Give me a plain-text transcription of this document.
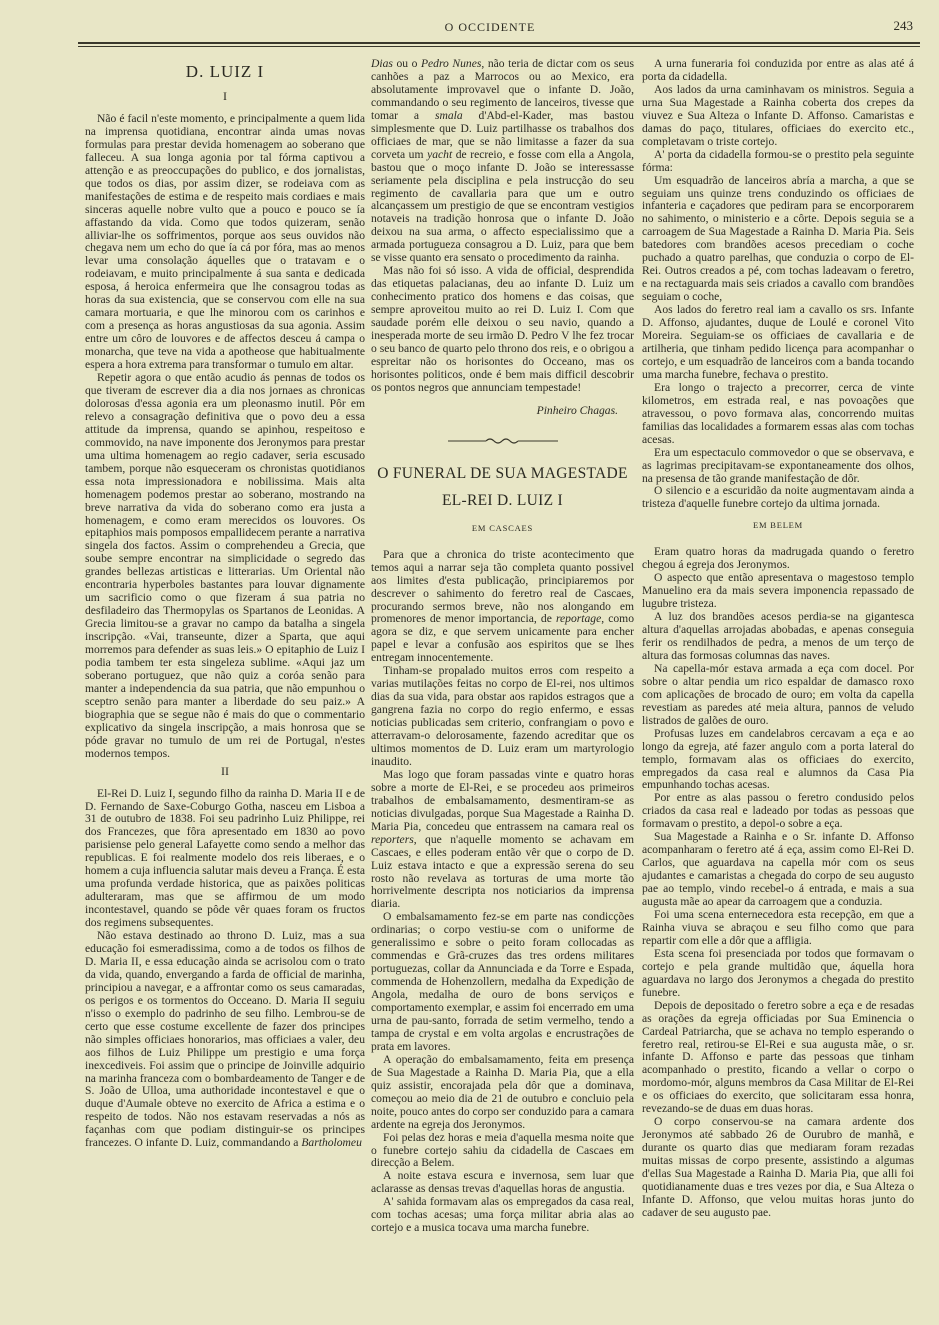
O OCCIDENTE	243
D. LUIZ I
I

Não é facil n'este momento, e principalmente a quem lida na imprensa quotidiana, encontrar ainda umas novas formulas para prestar devida homenagem ao soberano que falleceu. A sua longa agonia por tal fórma captivou a attenção e as preoccupações do publico, e dos jornalistas, que todos os dias, por assim dizer, se rodeiava com as manifestações de estima e de respeito mais cordiaes e mais sinceras aquelle nobre vulto que a pouco e pouco se ía affastando da vida. Como que todos quizeram, senão alliviar-lhe os soffrimentos, porque aos seus ouvidos não chegava nem um echo do que ía cá por fóra, mas ao menos levar uma consolação áquelles que o tratavam e o rodeiavam, e muito principalmente á sua santa e dedicada esposa, á heroica enfermeira que lhe consagrou todas as horas da sua existencia, que se conservou com elle na sua camara mortuaria, e que lhe minorou com os carinhos e com a presença as horas angustiosas da sua agonia. Assim entre um côro de louvores e de affectos desceu á campa o monarcha, que teve na vida a apotheose que habitualmente espera a hora extrema para transformar o tumulo em altar.

Repetir agora o que então acudio ás pennas de todos os que tiveram de escrever dia a dia nos jornaes as chronicas dolorosas d'essa agonia era um pleonasmo inutil. Pôr em relevo a consagração definitiva que o povo deu a essa attitude da imprensa, quando se apinhou, respeitoso e commovido, na nave imponente dos Jeronymos para prestar uma ultima homenagem ao regio cadaver, seria escusado tambem, porque não esqueceram os chronistas quotidianos essa nota impressionadora e nobilissima. Mais alta homenagem podemos prestar ao soberano, mostrando na breve narrativa da vida do soberano como era justa a homenagem, e como eram merecidos os louvores. Os epitaphios mais pomposos empallidecem perante a narrativa singela dos factos. Assim o comprehendeu a Grecia, que soube sempre encontrar na simplicidade o segredo das grandes bellezas artisticas e litterarias. Um Oriental não encontraria hyperboles bastantes para louvar dignamente um sacrificio como o que fizeram á sua patria no desfiladeiro das Thermopylas os Spartanos de Leonidas. A Grecia limitou-se a gravar no campo da batalha a singela inscripção. «Vai, transeunte, dizer a Sparta, que aqui morremos para defender as suas leis.» O epitaphio de Luiz I podia tambem ter esta singeleza sublime. «Aqui jaz um soberano portuguez, que não quiz a coróa senão para manter a independencia da sua patria, que não empunhou o sceptro senão para manter a liberdade do seu paiz.» A biographia que se segue não é mais do que o commentario explicativo da singela inscripção, a mais honrosa que se póde gravar no tumulo de um rei de Portugal, n'estes modernos tempos.

II

El-Rei D. Luiz I, segundo filho da rainha D. Maria II e de D. Fernando de Saxe-Coburgo Gotha, nasceu em Lisboa a 31 de outubro de 1838. Foi seu padrinho Luiz Philippe, rei dos Francezes, que fôra apresentado em 1830 ao povo parisiense pelo general Lafayette como sendo a melhor das republicas. E foi realmente modelo dos reis liberaes, e o homem a cuja influencia salutar mais deveu a França. É esta uma profunda verdade historica, que as paixões politicas adulteraram, mas que se affirmou de um modo incontestavel, quando se pôde vêr quaes foram os fructos dos regimens subsequentes.

Não estava destinado ao throno D. Luiz, mas a sua educação foi esmeradissima, como a de todos os filhos de D. Maria II, e essa educação ainda se acrisolou com o trato da vida, quando, envergando a farda de official de marinha, principiou a navegar, e a affrontar como os seus camaradas, os perigos e os tormentos do Occeano. D. Maria II seguiu n'isso o exemplo do padrinho de seu filho. Lembrou-se de certo que esse costume excellente de fazer dos principes não simples officiaes honorarios, mas officiaes a valer, deu aos filhos de Luiz Philippe um prestigio e uma força inexcediveis. Foi assim que o principe de Joinville adquirio na marinha franceza com o bombardeamento de Tanger e de S. João de Ulloa, uma authoridade incontestavel e que o duque d'Aumale obteve no exercito de Africa a estima e o respeito de todos. Não nos estavam reservadas a nós as façanhas com que podiam distinguir-se os principes francezes. O infante D. Luiz, commandando a Bartholomeu

Dias ou o Pedro Nunes, não teria de dictar com os seus canhões a paz a Marrocos ou ao Mexico, era absolutamente improvavel que o infante D. João, commandando o seu regimento de lanceiros, tivesse que tomar a smala d'Abd-el-Kader, mas bastou simplesmente que D. Luiz partilhasse os trabalhos dos officiaes de mar, que se não limitasse a fazer da sua corveta um yacht de recreio, e fosse com ella a Angola, bastou que o moço infante D. João se interessasse seriamente pela disciplina e pela instrucção do seu regimento de cavallaria para que um e outro alcançassem um prestigio de que se encontram vestigios notaveis na tradição honrosa que o infante D. João deixou na sua arma, o affecto especialissimo que a armada portugueza consagrou a D. Luiz, para que bem se visse quanto era sensato o procedimento da rainha.

Mas não foi só isso. A vida de official, desprendida das etiquetas palacianas, deu ao infante D. Luiz um conhecimento pratico dos homens e das coisas, que sempre aproveitou muito ao rei D. Luiz I. Com que saudade porém elle deixou o seu navio, quando a inesperada morte de seu irmão D. Pedro V lhe fez trocar o seu banco de quarto pelo throno dos reis, e o obrigou a espreitar não os horisontes do Occeano, mas os horisontes politicos, onde é bem mais difficil descobrir os pontos negros que annunciam tempestade!

Pinheiro Chagas.
O FUNERAL DE SUA MAGESTADE
EL-REI D. LUIZ I
EM CASCAES

Para que a chronica do triste acontecimento que temos aqui a narrar seja tão completa quanto possivel aos limites d'esta publicação, principiaremos por descrever o sahimento do feretro real de Cascaes, procurando sermos breve, não nos alongando em promenores de menor importancia, de reportage, como agora se diz, e que servem unicamente para encher papel e levar a confusão aos espiritos que se lhes entregam innocentemente.

Tinham-se propalado muitos erros com respeito a varias mutilações feitas no corpo de El-rei, nos ultimos dias da sua vida, para obstar aos rapidos estragos que a gangrena fazia no corpo do regio enfermo, e essas noticias publicadas sem criterio, confrangiam o povo e atterravam-o delorosamente, fazendo acreditar que os ultimos momentos de D. Luiz eram um martyrologio inaudito.

Mas logo que foram passadas vinte e quatro horas sobre a morte de El-Rei, e se procedeu aos primeiros trabalhos de embalsamamento, desmentiram-se as noticias divulgadas, porque Sua Magestade a Rainha D. Maria Pia, concedeu que entrassem na camara real os reporters, que n'aquelle momento se achavam em Cascaes, e elles poderam então vêr que o corpo de D. Luiz estava intacto e que a expressão serena do seu rosto não revelava as torturas de uma morte tão horrivelmente descripta nos noticiarios da imprensa diaria.

O embalsamamento fez-se em parte nas condicções ordinarias; o corpo vestiu-se com o uniforme de generalissimo e sobre o peito foram collocadas as commendas e Grã-cruzes das tres ordens militares portuguezas, collar da Annunciada e da Torre e Espada, commenda de Hohenzollern, medalha da Expedição de Angola, medalha de ouro de bons serviços e comportamento exemplar, e assim foi encerrado em uma urna de pau-santo, forrada de setim vermelho, tendo a tampa de crystal e em volta argolas e encrustrações de prata em lavores.

A operação do embalsamamento, feita em presença de Sua Magestade a Rainha D. Maria Pia, que a ella quiz assistir, encorajada pela dôr que a dominava, começou ao meio dia de 21 de outubro e concluio pela noite, pouco antes do corpo ser conduzido para a camara ardente na egreja dos Jeronymos.

Foi pelas dez horas e meia d'aquella mesma noite que o funebre cortejo sahiu da cidadella de Cascaes em direcção a Belem.

A noite estava escura e invernosa, sem luar que aclarasse as densas trevas d'aquellas horas de angustia.

A' sahida formavam alas os empregados da casa real, com tochas acesas; uma força militar abria alas ao cortejo e a musica tocava uma marcha funebre.

A urna funeraria foi conduzida por entre as alas até á porta da cidadella.

Aos lados da urna caminhavam os ministros. Seguia a urna Sua Magestade a Rainha coberta dos crepes da viuvez e Sua Alteza o Infante D. Affonso. Camaristas e damas do paço, titulares, officiaes do exercito etc., completavam o triste cortejo.

A' porta da cidadella formou-se o prestito pela seguinte fórma:

Um esquadrão de lanceiros abría a marcha, a que se seguiam uns quinze trens conduzindo os officiaes de infanteria e caçadores que pediram para se encorporarem no sahimento, o ministerio e a côrte. Depois seguia se a carroagem de Sua Magestade a Rainha D. Maria Pia. Seis batedores com brandões acesos precediam o coche puchado a quatro parelhas, que conduzia o corpo de El-Rei. Outros creados a pé, com tochas ladeavam o feretro, e na rectaguarda mais seis criados a cavallo com brandões seguiam o coche,

Aos lados do feretro real iam a cavallo os srs. Infante D. Affonso, ajudantes, duque de Loulé e coronel Vito Moreira. Seguiam-se os officiaes de cavallaria e de artilheria, que tinham pedido licença para acompanhar o cortejo, e um esquadrão de lanceiros com a banda tocando uma marcha funebre, fechava o prestito.

Era longo o trajecto a precorrer, cerca de vinte kilometros, em estrada real, e nas povoações que atravessou, o povo formava alas, concorrendo muitas familias das localidades a formarem essas alas com tochas acesas.

Era um espectaculo commovedor o que se observava, e as lagrimas precipitavam-se expontaneamente dos olhos, na presensa de tão grande manifestação de dôr.

O silencio e a escuridão da noite augmentavam ainda a tristeza d'aquelle funebre cortejo da ultima jornada.

EM BELEM

Eram quatro horas da madrugada quando o feretro chegou á egreja dos Jeronymos.

O aspecto que então apresentava o magestoso templo Manuelino era da mais severa imponencia repassado de lugubre tristeza.

A luz dos brandões acesos perdia-se na gigantesca altura d'aquellas arrojadas abobadas, e apenas conseguia ferir os rendilhados de pedra, a menos de um terço de altura das formosas columnas das naves.

Na capella-mór estava armada a eça com docel. Por sobre o altar pendia um rico espaldar de damasco roxo com aplicações de brocado de ouro; em volta da capella revestiam as paredes até meia altura, pannos de veludo listrados de galões de ouro.

Profusas luzes em candelabros cercavam a eça e ao longo da egreja, até fazer angulo com a porta lateral do templo, formavam alas os officiaes do exercito, empregados da casa real e alumnos da Casa Pia empunhando tochas acesas.

Por entre as alas passou o feretro condusido pelos criados da casa real e ladeado por todas as pessoas que formavam o prestito, a depol-o sobre a eça.

Sua Magestade a Rainha e o Sr. infante D. Affonso acompanharam o feretro até á eça, assim como El-Rei D. Carlos, que aguardava na capella mór com os seus ajudantes e camaristas a chegada do corpo de seu augusto pae ao templo, vindo recebel-o á entrada, e mais a sua augusta mãe ao apear da carroagem que a conduzia.

Foi uma scena enternecedora esta recepção, em que a Rainha viuva se abraçou e seu filho como que para repartir com elle a dôr que a affligia.

Esta scena foi presenciada por todos que formavam o cortejo e pela grande multidão que, áquella hora aguardava no largo dos Jeronymos a chegada do prestito funebre.

Depois de depositado o feretro sobre a eça e de resadas as orações da egreja officiadas por Sua Eminencia o Cardeal Patriarcha, que se achava no templo esperando o feretro real, retirou-se El-Rei e sua augusta mãe, o sr. infante D. Affonso e parte das pessoas que tinham acompanhado o prestito, ficando a vellar o corpo o mordomo-mór, alguns membros da Casa Militar de El-Rei e os officiaes do exercito, que solicitaram essa honra, revezando-se de duas em duas horas.

O corpo conservou-se na camara ardente dos Jeronymos até sabbado 26 de Ourubro de manhã, e durante os quarto dias que mediaram foram rezadas muitas missas de corpo presente, assistindo a algumas d'ellas Sua Magestade a Rainha D. Maria Pia, que alli foi quotidianamente duas e tres vezes por dia, e Sua Alteza o Infante D. Affonso, que velou muitas horas junto do cadaver de seu augusto pae.
